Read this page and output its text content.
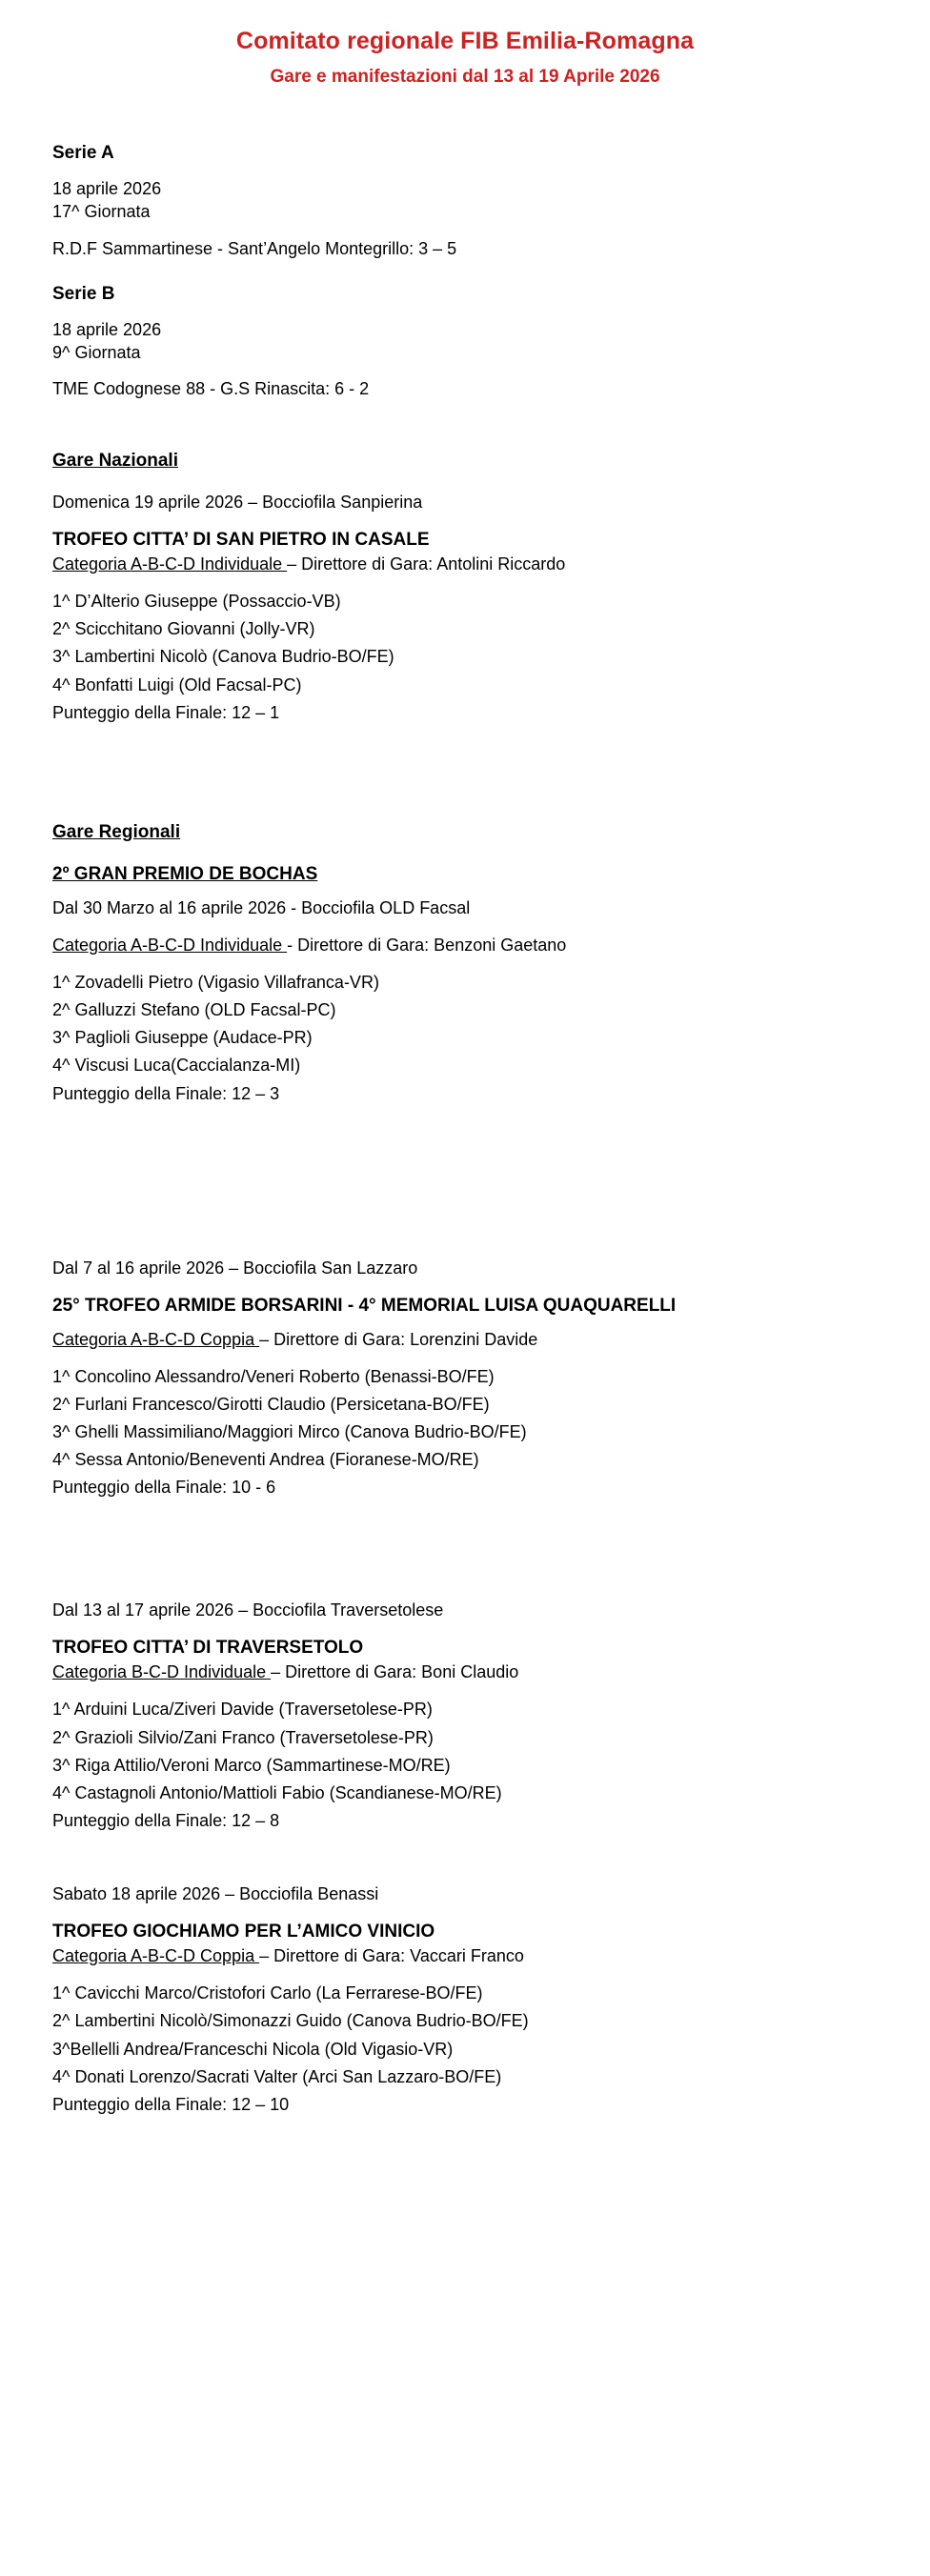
Comitato regionale FIB Emilia-Romagna
Gare e manifestazioni dal 13 al 19 Aprile 2026
Serie A
18 aprile 2026
17^ Giornata
R.D.F Sammartinese - Sant’Angelo Montegrillo: 3 – 5
Serie B
18 aprile 2026
9^ Giornata
TME Codognese 88 - G.S Rinascita: 6 - 2
Gare Nazionali
Domenica 19 aprile 2026 – Bocciofila Sanpierina
TROFEO CITTA’ DI SAN PIETRO IN CASALE
Categoria A-B-C-D Individuale – Direttore di Gara: Antolini Riccardo
1^ D’Alterio Giuseppe (Possaccio-VB)
2^ Scicchitano Giovanni (Jolly-VR)
3^ Lambertini Nicolò (Canova Budrio-BO/FE)
4^ Bonfatti Luigi (Old Facsal-PC)
Punteggio della Finale: 12 – 1
Gare Regionali
2º GRAN PREMIO DE BOCHAS
Dal 30 Marzo al 16 aprile 2026 - Bocciofila OLD Facsal
Categoria A-B-C-D Individuale - Direttore di Gara: Benzoni Gaetano
1^ Zovadelli Pietro (Vigasio Villafranca-VR)
2^ Galluzzi Stefano (OLD Facsal-PC)
3^ Paglioli Giuseppe (Audace-PR)
4^ Viscusi Luca(Caccialanza-MI)
Punteggio della Finale: 12 – 3
Dal 7 al 16 aprile 2026 – Bocciofila San Lazzaro
25° TROFEO ARMIDE BORSARINI - 4° MEMORIAL LUISA QUAQUARELLI
Categoria A-B-C-D Coppia – Direttore di Gara: Lorenzini Davide
1^ Concolino Alessandro/Veneri Roberto (Benassi-BO/FE)
2^ Furlani Francesco/Girotti Claudio (Persicetana-BO/FE)
3^ Ghelli Massimiliano/Maggiori Mirco (Canova Budrio-BO/FE)
4^ Sessa Antonio/Beneventi Andrea (Fioranese-MO/RE)
Punteggio della Finale: 10 - 6
Dal 13 al 17 aprile 2026 – Bocciofila Traversetolese
TROFEO CITTA’ DI TRAVERSETOLO
Categoria B-C-D Individuale – Direttore di Gara: Boni Claudio
1^ Arduini Luca/Ziveri Davide (Traversetolese-PR)
2^ Grazioli Silvio/Zani Franco (Traversetolese-PR)
3^ Riga Attilio/Veroni Marco (Sammartinese-MO/RE)
4^ Castagnoli Antonio/Mattioli Fabio (Scandianese-MO/RE)
Punteggio della Finale: 12 – 8
Sabato 18 aprile 2026 – Bocciofila Benassi
TROFEO GIOCHIAMO PER L’AMICO VINICIO
Categoria A-B-C-D Coppia – Direttore di Gara: Vaccari Franco
1^ Cavicchi Marco/Cristofori Carlo (La Ferrarese-BO/FE)
2^ Lambertini Nicolò/Simonazzi Guido (Canova Budrio-BO/FE)
3^Bellelli Andrea/Franceschi Nicola (Old Vigasio-VR)
4^ Donati Lorenzo/Sacrati Valter (Arci San Lazzaro-BO/FE)
Punteggio della Finale: 12 – 10
